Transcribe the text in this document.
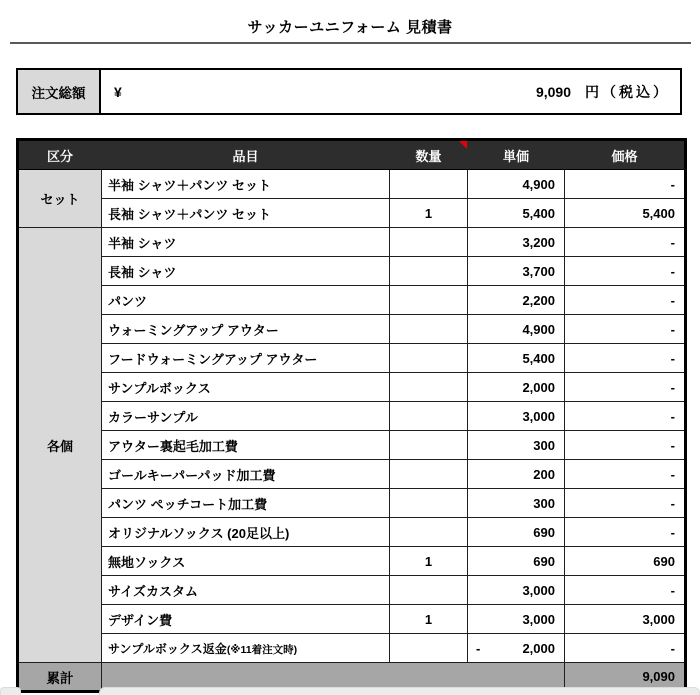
サッカーユニフォーム 見積書
注文総額	¥	9,090 円（税込）
区分	品目	数量	単価	価格
セット	半袖 シャツ＋パンツ セット		4,900	-
	長袖 シャツ＋パンツ セット	1	5,400	5,400
各個	半袖 シャツ		3,200	-
	長袖 シャツ		3,700	-
	パンツ		2,200	-
	ウォーミングアップ アウター		4,900	-
	フードウォーミングアップ アウター		5,400	-
	サンプルボックス		2,000	-
	カラーサンプル		3,000	-
	アウター裏起毛加工費		300	-
	ゴールキーパーパッド加工費		200	-
	パンツ ペッチコート加工費		300	-
	オリジナルソックス (20足以上)		690	-
	無地ソックス	1	690	690
	サイズカスタム		3,000	-
	デザイン費	1	3,000	3,000
	サンプルボックス返金(※11着注文時)		- 2,000	-
累計				9,090
